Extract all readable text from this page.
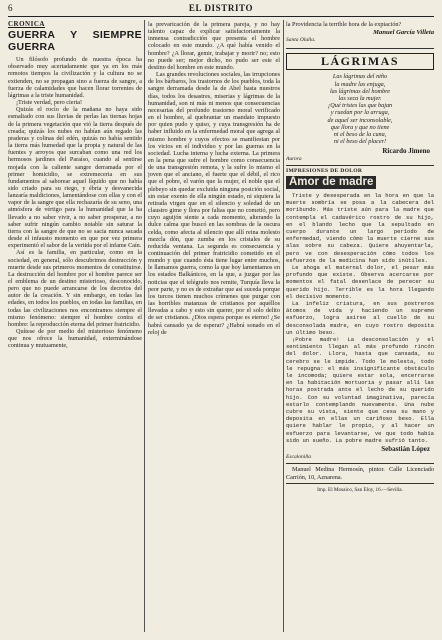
6	EL DISTRITO
CRÓNICA
GUERRA Y SIEMPRE GUERRA

Un filósofo profundo de nuestra época ha observado muy acertadamente que ya en los más remotos tiempos la civilización y la cultura no se extienden, no se propagan sino a fuerza de sangre, a fuerza de calamidades que hacen llorar torrentes de lágrimas a la triste humanidad.

¡Triste verdad, pero cierta!

Quizás el rocío de la mañana no haya sido esmaltado con sus lluvias de perlas las tiernas hojas de la primera vegetación que vió la tierra después de creada; quizás los nubes no habían aún regado las praderas y colinas del edén, quizás no había sentido la tierra más humedad que la propia y natural de las fuentes y arroyos que surcaban como una red los hermosos jardines del Paraíso, cuando al sentirse mojada con la caliente sangre derramada por el primer homicidio, se extremeceria en sus fundamentos al saborear aquel líquido que no había sido criado para su riego, y ébria y desvanecida lanzaría maldiciones, lamentándose con ellas y con el vapor de la sangre que ella rechazaría de su seno, una atmósfera de vértigo para la humanidad que la ha llevado a no saber vivir, a no saber prosperar, a no saber sufrir ningún cambio notable sin saturar la tierra con la sangre de que no se sacia nunca sacada desde el infausto momento en que por vez primera experimentó el sabor de la vertida por el infame Caín.

Así es la familia, en particular, como en la sociedad, en general, sólo descubrimos destrucción y muerte desde sus primeros momentos de constituirse. La destrucción del hombre por el hombre parece ser el emblema de un destino misterioso, desconocido, pero que no puede arrancarse de los decretos del autor de la creación. Y sin embargo, en todas las edades, en todos los pueblos, en todas las familias, en todas las civilizaciones nos encontramos siempre el mismo fenómeno: siempre el hombre contra el hombre: la reproducción eterna del primer fratricidio.

Quítese de por medio del misterioso fenómeno que nos ofrece la humanidad, exterminándose continua y mutuamente,

la prevaricación de la primera pareja, y no hay talento capaz de explicar satisfactoriamente la inmensa contradicción que presenta el hombre colocado en este mundo. ¿A qué había venido el hombre? ¿A llorar, gemir, trabajar y morir? no; esto no puede ser; mejor dicho, no pudo ser este el destino del hombre en este mundo.

Las grandes revoluciones sociales, las irrupciones de los bárbaros, los trastornos de los pueblos, toda la sangre derramada desde la de Abel hasta nuestros días, todos los desastres, miserias y lágrimas de la humanidad, son ni más ni menos que consecuencias necesarias del profundo trastorno moral verificado en el hombre, al quebrantar un mandato impuesto por quien pudo y quiso, y cuya transgresión ha de haber influido en la enfermedad moral que agrega al mismo hombre y cuyos efectos se manifiestan por los vicios en el individuo y por las guerras en la sociedad. Lucha interna y lucha externa. La primera en la pena que sufre el hombre como consecuencia de una transgresión remota, y la sufre lo mismo el joven que el anciano, el fuerte que el débil, el rico que el pobre, el varón que la mujer, el noble que el plebeyo sin quedar excluida ninguna posición social, sin estar exento de ella ningún estado, ni siquiera la retirada virgen que en el silencio y soledad de un claustro gime y llora por faltas que no cometió, pero cuyo aguijón siente a cada momento, alterando la dulce calma que buscó en las sombras de la oscura celda, como afecta al silencio que allí reina molesto mezcla dón, que zumba en los cristales de su reducida ventana. La segunda es consecuencia y continuación del primer fratricidio cometido en el mundo y que cuando ésta tiene lugar entre muchos, le llamamos guerra, como la que hoy lamentamos en los estados Balkánicos, en la que, a juzgar por las noticias que el telégrafo nos remite, Turquía lleva la peor parte, y no es de extrañar que así suceda porque los turcos tienen muchos crímenes que purgar con las horribles matanzas de cristianos por aquéllos llevadas a cabo y esto sin querer, por el solo delito de ser cristianos. ¿Dios espera porque es eterno! ¿Se habrá cansado ya de esperar? ¿Habrá sonado en el reloj de

la Providencia la terrible hora de la expiación?

Manuel García Villeta
Santa Olalla.
LÁGRIMAS
Las lágrimas del niño
la madre las enjuga,
las lágrimas del hombre
las seca la mujer.
¡Qué tristes las que bajan
y ruedan por la arruga,
de aquel ser inconsolable,
que llora y que no tiene
ni el beso de la cuna,
ni el beso del placer!
Ricardo Jimeno
Aurora
IMPRESIONES DE DOLOR
Amor de madre

Triste y desesperada en la hora en que la muerte sombría se posa a la cabecera del moribundo. Más triste aún para la madre que contempla el cadavérico rostro de su hijo, en el blando lecho que la sepultado en cuerpo durante un largo período de enfermedad, viendo cómo la muerte cierne sus alas sobre su cabeza. Quiere ahuyentarla, pero ve con desesperación cómo todos los esfuerzos de la medicina han sido inútiles.

Le ahoga el maternal dolor, el pesar más profundo que existe. Observa acercarse por momentos el fatal desenlace de perecer su querido hijo. Terrible es la hora llegando el decisivo momento.

La infeliz criatura, en sus postreros átomos de vida y haciendo un supremo esfuerzo, logra asirse al cuello de su desconsolada madre, en cuyo rostro deposita un último beso.

¡Pobre madre! La desconsolación y el sentimiento llegan al más profundo rincón del dolor. Llora, hasta que cansada, su cerebro se le impide. Todo le molesta, todo le repugna: el más insignificante obstáculo le incomoda; quiere estar sola, encerrarse en la habitación mortuoria y pasar allí las horas postrada ante el lecho de su querido hijo. Con su voluntad imaginativa, parecía estarlo contemplando nuevamente. Una nube cubre su vista, siente que cesa su mano y deposita en ellas un cariñoso beso. Ella quiere hablar le propio, y al hacer un esfuerzo para levantarse, ve que todo había sido un sueño. La pobre madre sufrió tanto.

Sebastián López
Escalonilla
Manuel Medina Hermosín, pintor. Calle Licenciado Carrión, 10, Aznarena.
Imp. El Mosaico, San Eloy, 16.—Sevilla.
